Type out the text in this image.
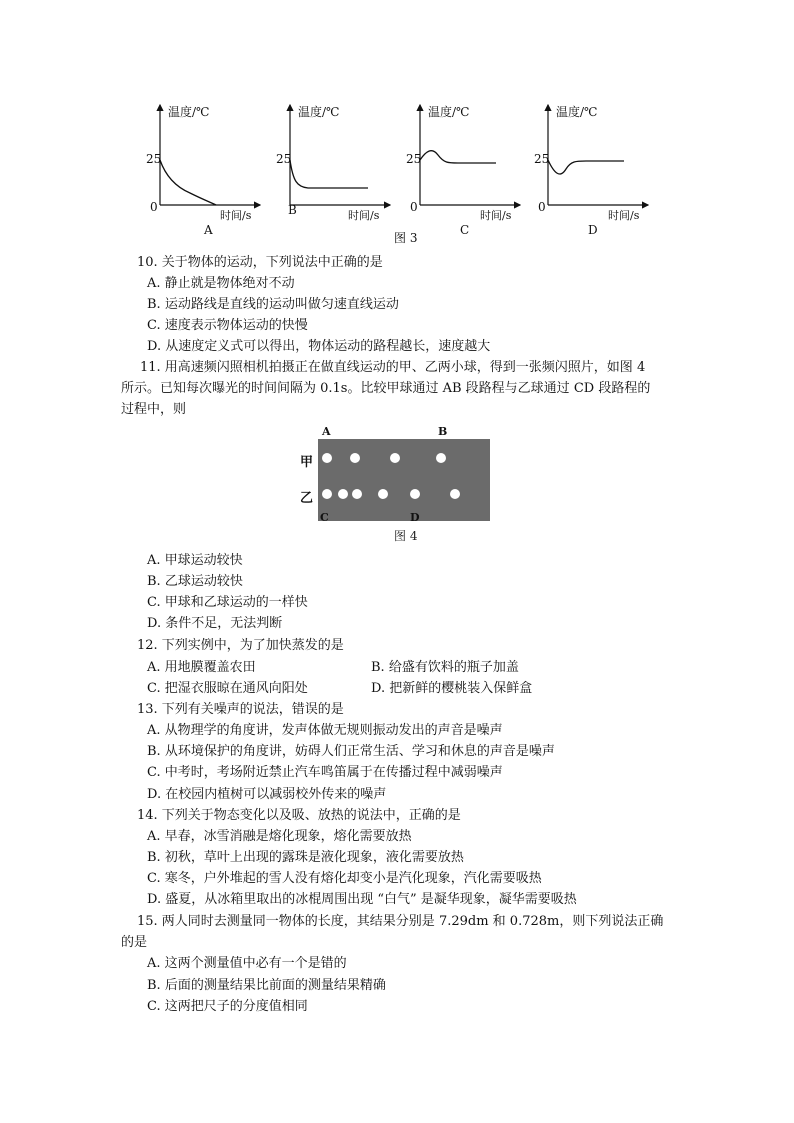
温度/℃
25
0
时间/s
A
温度/℃
25
时间/s
B
温度/℃
25
0
时间/s
C
温度/℃
25
0
时间/s
D
图 3
10. 关于物体的运动，下列说法中正确的是
A. 静止就是物体绝对不动
B. 运动路线是直线的运动叫做匀速直线运动
C. 速度表示物体运动的快慢
D. 从速度定义式可以得出，物体运动的路程越长，速度越大
11. 用高速频闪照相机拍摄正在做直线运动的甲、乙两小球，得到一张频闪照片，如图 4
所示。已知每次曝光的时间间隔为 0.1s。比较甲球通过 AB 段路程与乙球通过 CD 段路程的
过程中，则
A	B
甲
乙
C	D
图 4
A. 甲球运动较快
B. 乙球运动较快
C. 甲球和乙球运动的一样快
D. 条件不足，无法判断
12. 下列实例中，为了加快蒸发的是
A. 用地膜覆盖农田	B. 给盛有饮料的瓶子加盖
C. 把湿衣服晾在通风向阳处	D. 把新鲜的樱桃装入保鲜盒
13. 下列有关噪声的说法，错误的是
A. 从物理学的角度讲，发声体做无规则振动发出的声音是噪声
B. 从环境保护的角度讲，妨碍人们正常生活、学习和休息的声音是噪声
C. 中考时，考场附近禁止汽车鸣笛属于在传播过程中减弱噪声
D. 在校园内植树可以减弱校外传来的噪声
14. 下列关于物态变化以及吸、放热的说法中，正确的是
A. 早春，冰雪消融是熔化现象，熔化需要放热
B. 初秋，草叶上出现的露珠是液化现象，液化需要放热
C. 寒冬，户外堆起的雪人没有熔化却变小是汽化现象，汽化需要吸热
D. 盛夏，从冰箱里取出的冰棍周围出现 “白气” 是凝华现象，凝华需要吸热
15. 两人同时去测量同一物体的长度，其结果分别是 7.29dm 和 0.728m，则下列说法正确
的是
A. 这两个测量值中必有一个是错的
B. 后面的测量结果比前面的测量结果精确
C. 这两把尺子的分度值相同
